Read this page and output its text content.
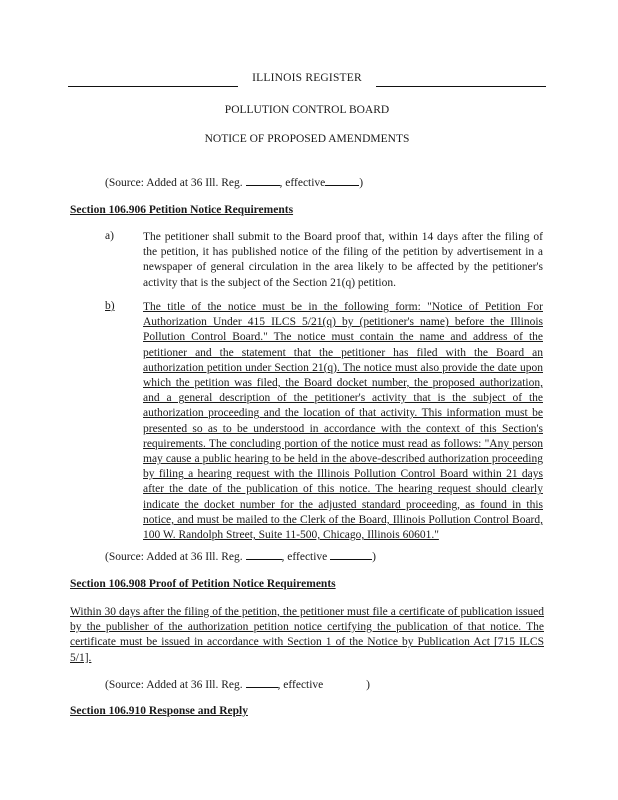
ILLINOIS REGISTER
POLLUTION CONTROL BOARD
NOTICE OF PROPOSED AMENDMENTS
(Source: Added at 36 Ill. Reg.	, effective	)
Section 106.906 Petition Notice Requirements
a)	The petitioner shall submit to the Board proof that, within 14 days after the filing of the petition, it has published notice of the filing of the petition by advertisement in a newspaper of general circulation in the area likely to be affected by the petitioner's activity that is the subject of the Section 21(q) petition.
b) The title of the notice must be in the following form: "Notice of Petition For Authorization Under 415 ILCS 5/21(q) by (petitioner's name) before the Illinois Pollution Control Board." The notice must contain the name and address of the petitioner and the statement that the petitioner has filed with the Board an authorization petition under Section 21(q). The notice must also provide the date upon which the petition was filed, the Board docket number, the proposed authorization, and a general description of the petitioner's activity that is the subject of the authorization proceeding and the location of that activity. This information must be presented so as to be understood in accordance with the context of this Section's requirements. The concluding portion of the notice must read as follows: "Any person may cause a public hearing to be held in the above-described authorization proceeding by filing a hearing request with the Illinois Pollution Control Board within 21 days after the date of the publication of this notice. The hearing request should clearly indicate the docket number for the adjusted standard proceeding, as found in this notice, and must be mailed to the Clerk of the Board, Illinois Pollution Control Board, 100 W. Randolph Street, Suite 11-500, Chicago, Illinois 60601."
(Source: Added at 36 Ill. Reg.	, effective	)
Section 106.908 Proof of Petition Notice Requirements
Within 30 days after the filing of the petition, the petitioner must file a certificate of publication issued by the publisher of the authorization petition notice certifying the publication of that notice. The certificate must be issued in accordance with Section 1 of the Notice by Publication Act [715 ILCS 5/1].
(Source: Added at 36 Ill. Reg.	, effective	)
Section 106.910 Response and Reply
